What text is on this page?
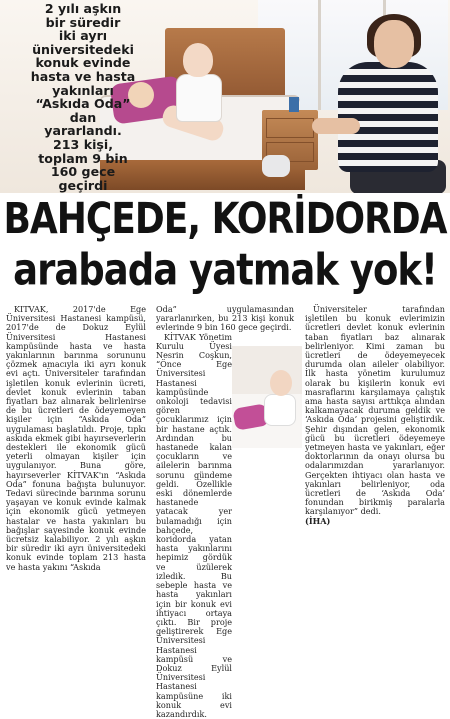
2 yılı aşkın
bir süredir
iki ayrı
üniversitedeki
konuk evinde
hasta ve hasta
yakınları
“Askıda Oda”
dan
yararlandı.
213 kişi,
toplam 9 bin
160 gece
geçirdi
BAHÇEDE, KORİDORDA
arabada yatmak yok!

KITVAK, 2017'de Ege Üniversitesi Hastanesi kampüsü, 2017'de de Dokuz Eylül Üniversitesi Hastanesi kampüsünde hasta ve hasta yakınlarının barınma sorununu çözmek amacıyla iki ayrı konuk evi açtı. Üniversiteler tarafından işletilen konuk evlerinin ücreti, devlet konuk evlerinin taban fiyatları baz alınarak belirlenirse de bu ücretleri de ödeyemeyen kişiler için “Askıda Oda” uygulaması başlatıldı. Proje, tıpkı askıda ekmek gibi hayırseverlerin destekleri ile ekonomik gücü yeterli olmayan kişiler için uygulanıyor. Buna göre, hayırseverler KİTVAK'ın “Askıda Oda” fonuna bağışta bulunuyor. Tedavi sürecinde barınma sorunu yaşayan ve konuk evinde kalmak için ekonomik gücü yetmeyen hastalar ve hasta yakınları bu bağışlar sayesinde konuk evinde ücretsiz kalabiliyor. 2 yılı aşkın bir süredir iki ayrı üniversitedeki konuk evinde toplam 213 hasta ve hasta yakını “Askıda

Oda” uygulamasından yararlanırken, bu 213 kişi konuk evlerinde 9 bin 160 gece geçirdi.

KİTVAK Yönetim Kurulu Üyesi Nesrin Coşkun, “Önce Ege Üniversitesi Hastanesi kampüsünde onkoloji tedavisi gören çocuklarımız için bir hastane açtık. Ardından bu hastanede kalan çocukların ve ailelerin barınma sorunu gündeme geldi. Özellikle eski dönemlerde hastanede yatacak yer bulamadığı için bahçede, koridorda yatan hasta yakınlarını hepimiz gördük ve üzülerek izledik. Bu sebeple hasta ve hasta yakınları için bir konuk evi ihtiyacı ortaya çıktı. Bir proje geliştirerek Ege Üniversitesi Hastanesi kampüsü ve Dokuz Eylül Üniversitesi Hastanesi kampüsüne iki konuk evi kazandırdık.

Üniversiteler tarafından işletilen bu konuk evlerimizin ücretleri devlet konuk evlerinin taban fiyatları baz alınarak belirleniyor. Kimi zaman bu ücretleri de ödeyemeyecek durumda olan aileler olabiliyor. İlk hasta yönetim kurulumuz olarak bu kişilerin konuk evi masraflarını karşılamaya çalıştık ama hasta sayısı arttıkça alından kalkamayacak duruma geldik ve ‘Askıda Oda’ projesini geliştirdik. Şehir dışından gelen, ekonomik gücü bu ücretleri ödeyemeye yetmeyen hasta ve yakınları, eğer doktorlarının da onayı olursa bu odalarımızdan yararlanıyor. Gerçekten ihtiyacı olan hasta ve yakınları belirleniyor, oda ücretleri de ‘Askıda Oda’ fonundan birikmiş paralarla karşılanıyor” dedi.

(İHA)
